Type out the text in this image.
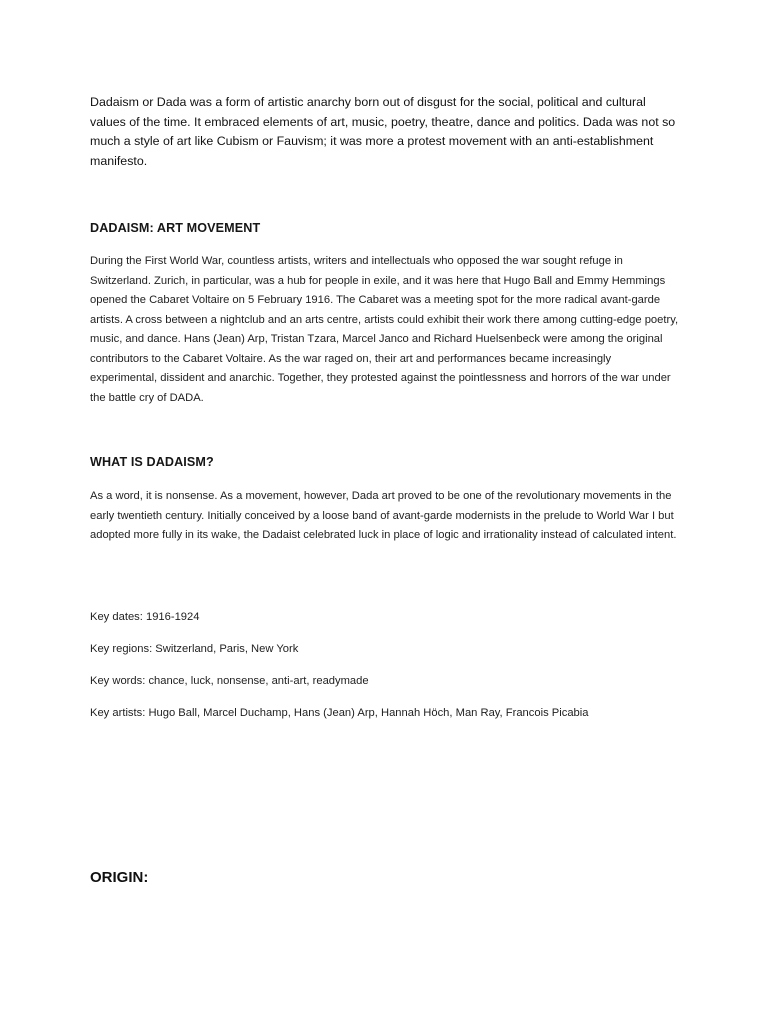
Dadaism or Dada was a form of artistic anarchy born out of disgust for the social, political and cultural values of the time. It embraced elements of art, music, poetry, theatre, dance and politics. Dada was not so much a style of art like Cubism or Fauvism; it was more a protest movement with an anti-establishment manifesto.

DADAISM: ART MOVEMENT

During the First World War, countless artists, writers and intellectuals who opposed the war sought refuge in Switzerland. Zurich, in particular, was a hub for people in exile, and it was here that Hugo Ball and Emmy Hemmings opened the Cabaret Voltaire on 5 February 1916. The Cabaret was a meeting spot for the more radical avant-garde artists. A cross between a nightclub and an arts centre, artists could exhibit their work there among cutting-edge poetry, music, and dance. Hans (Jean) Arp, Tristan Tzara, Marcel Janco and Richard Huelsenbeck were among the original contributors to the Cabaret Voltaire. As the war raged on, their art and performances became increasingly experimental, dissident and anarchic. Together, they protested against the pointlessness and horrors of the war under the battle cry of DADA.

WHAT IS DADAISM?

As a word, it is nonsense. As a movement, however, Dada art proved to be one of the revolutionary movements in the early twentieth century. Initially conceived by a loose band of avant-garde modernists in the prelude to World War I but adopted more fully in its wake, the Dadaist celebrated luck in place of logic and irrationality instead of calculated intent.

Key dates: 1916-1924

Key regions: Switzerland, Paris, New York

Key words: chance, luck, nonsense, anti-art, readymade

Key artists: Hugo Ball, Marcel Duchamp, Hans (Jean) Arp, Hannah Höch, Man Ray, Francois Picabia

ORIGIN:
